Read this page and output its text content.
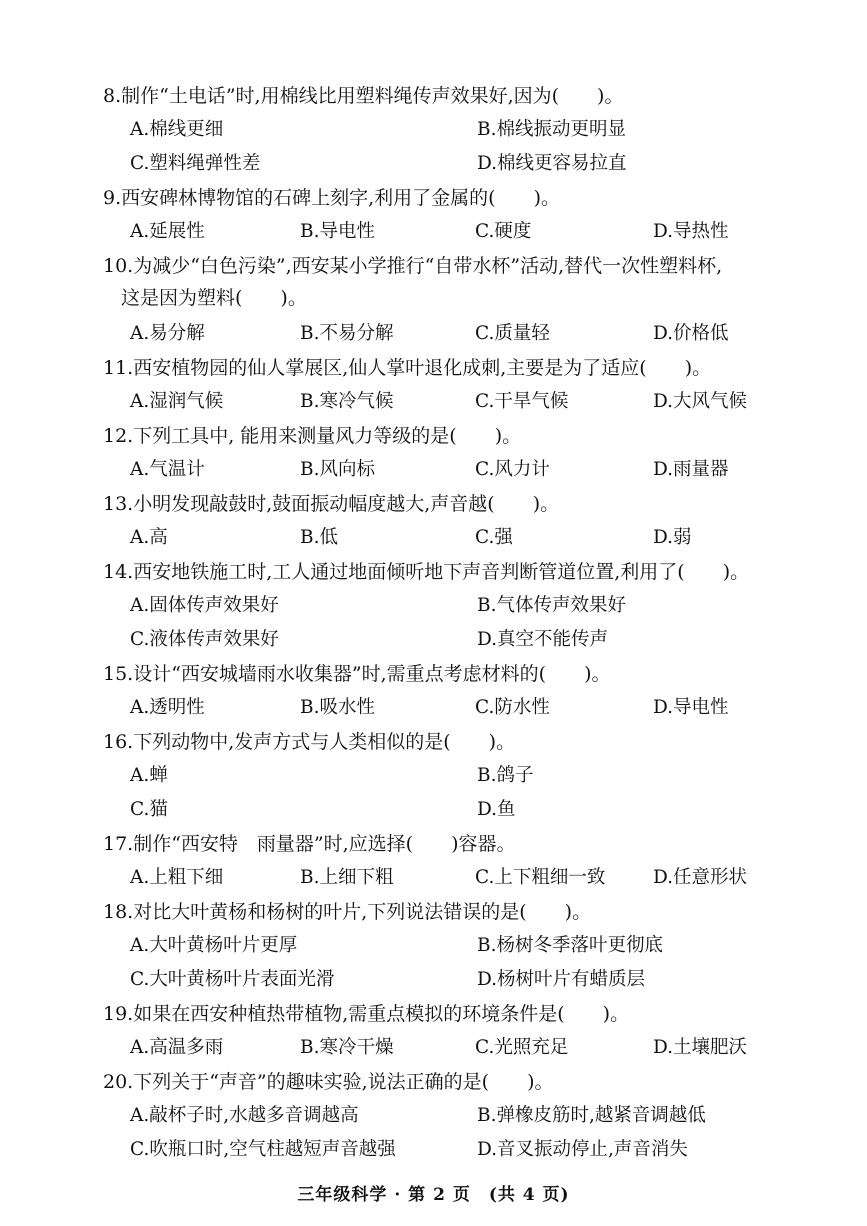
8.制作“土电话”时,用棉线比用塑料绳传声效果好,因为(　　)。
A.棉线更细	B.棉线振动更明显
C.塑料绳弹性差	D.棉线更容易拉直
9.西安碑林博物馆的石碑上刻字,利用了金属的(　　)。
A.延展性	B.导电性	C.硬度	D.导热性
10.为减少“白色污染”,西安某小学推行“自带水杯”活动,替代一次性塑料杯,
这是因为塑料(　　)。
A.易分解	B.不易分解	C.质量轻	D.价格低
11.西安植物园的仙人掌展区,仙人掌叶退化成刺,主要是为了适应(　　)。
A.湿润气候	B.寒冷气候	C.干旱气候	D.大风气候
12.下列工具中, 能用来测量风力等级的是(　　)。
A.气温计	B.风向标	C.风力计	D.雨量器
13.小明发现敲鼓时,鼓面振动幅度越大,声音越(　　)。
A.高	B.低	C.强	D.弱
14.西安地铁施工时,工人通过地面倾听地下声音判断管道位置,利用了(　　)。
A.固体传声效果好	B.气体传声效果好
C.液体传声效果好	D.真空不能传声
15.设计“西安城墙雨水收集器”时,需重点考虑材料的(　　)。
A.透明性	B.吸水性	C.防水性	D.导电性
16.下列动物中,发声方式与人类相似的是(　　)。
A.蝉	B.鸽子
C.猫	D.鱼
17.制作“西安特　雨量器”时,应选择(　　)容器。
A.上粗下细	B.上细下粗	C.上下粗细一致	D.任意形状
18.对比大叶黄杨和杨树的叶片,下列说法错误的是(　　)。
A.大叶黄杨叶片更厚	B.杨树冬季落叶更彻底
C.大叶黄杨叶片表面光滑	D.杨树叶片有蜡质层
19.如果在西安种植热带植物,需重点模拟的环境条件是(　　)。
A.高温多雨	B.寒冷干燥	C.光照充足	D.土壤肥沃
20.下列关于“声音”的趣味实验,说法正确的是(　　)。
A.敲杯子时,水越多音调越高	B.弹橡皮筋时,越紧音调越低
C.吹瓶口时,空气柱越短声音越强	D.音叉振动停止,声音消失
三年级科学 · 第 2 页　(共 4 页)
